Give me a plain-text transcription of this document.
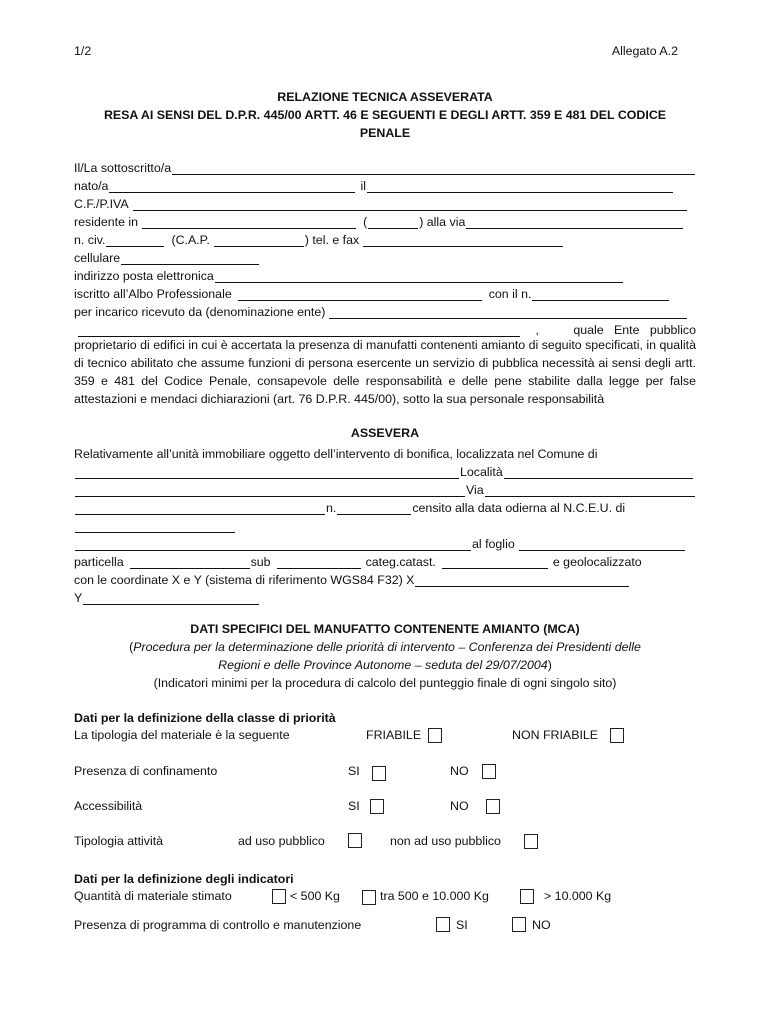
1/2	Allegato A.2
RELAZIONE TECNICA ASSEVERATA
RESA AI SENSI DEL D.P.R. 445/00 ARTT. 46 E SEGUENTI E DEGLI ARTT. 359 E 481 DEL CODICE
PENALE
Il/La sottoscritto/a
nato/a	il
C.F./P.IVA
residente in	(	) alla via
n. civ.	(C.A.P.	) tel. e fax
cellulare
indirizzo posta elettronica
iscritto all’Albo Professionale	con il n.
per incarico ricevuto da (denominazione ente)
,          quale   Ente   pubblico
proprietario di edifici in cui è accertata la presenza di manufatti contenenti amianto di seguito specificati, in qualità di tecnico abilitato che assume funzioni di persona esercente un servizio di pubblica necessità ai sensi degli artt. 359 e 481 del Codice Penale, consapevole delle responsabilità e delle pene stabilite dalla legge per false attestazioni e mendaci dichiarazioni (art. 76 D.P.R. 445/00), sotto la sua personale responsabilità
ASSEVERA
Relativamente all’unità immobiliare oggetto dell’intervento di bonifica, localizzata nel Comune di
Località
Via
n.	censito alla data odierna al N.C.E.U. di
al foglio
particella	sub	categ.catast.	e geolocalizzato
con le coordinate X e Y (sistema di riferimento WGS84 F32) X
Y
DATI SPECIFICI DEL MANUFATTO CONTENENTE AMIANTO (MCA)
(Procedura per la determinazione delle priorità di intervento – Conferenza dei Presidenti delle
Regioni e delle Province Autonome – seduta del 29/07/2004)
(Indicatori minimi per la procedura di calcolo del punteggio finale di ogni singolo sito)
Dati per la definizione della classe di priorità
La tipologia del materiale è la seguente	FRIABILE	NON FRIABILE
Presenza di confinamento	SI	NO
Accessibilità	SI	NO
Tipologia attività	ad uso pubblico	non ad uso pubblico
Dati per la definizione degli indicatori
Quantità di materiale stimato	< 500 Kg	tra 500 e 10.000 Kg	> 10.000 Kg
Presenza di programma di controllo e manutenzione	SI	NO
